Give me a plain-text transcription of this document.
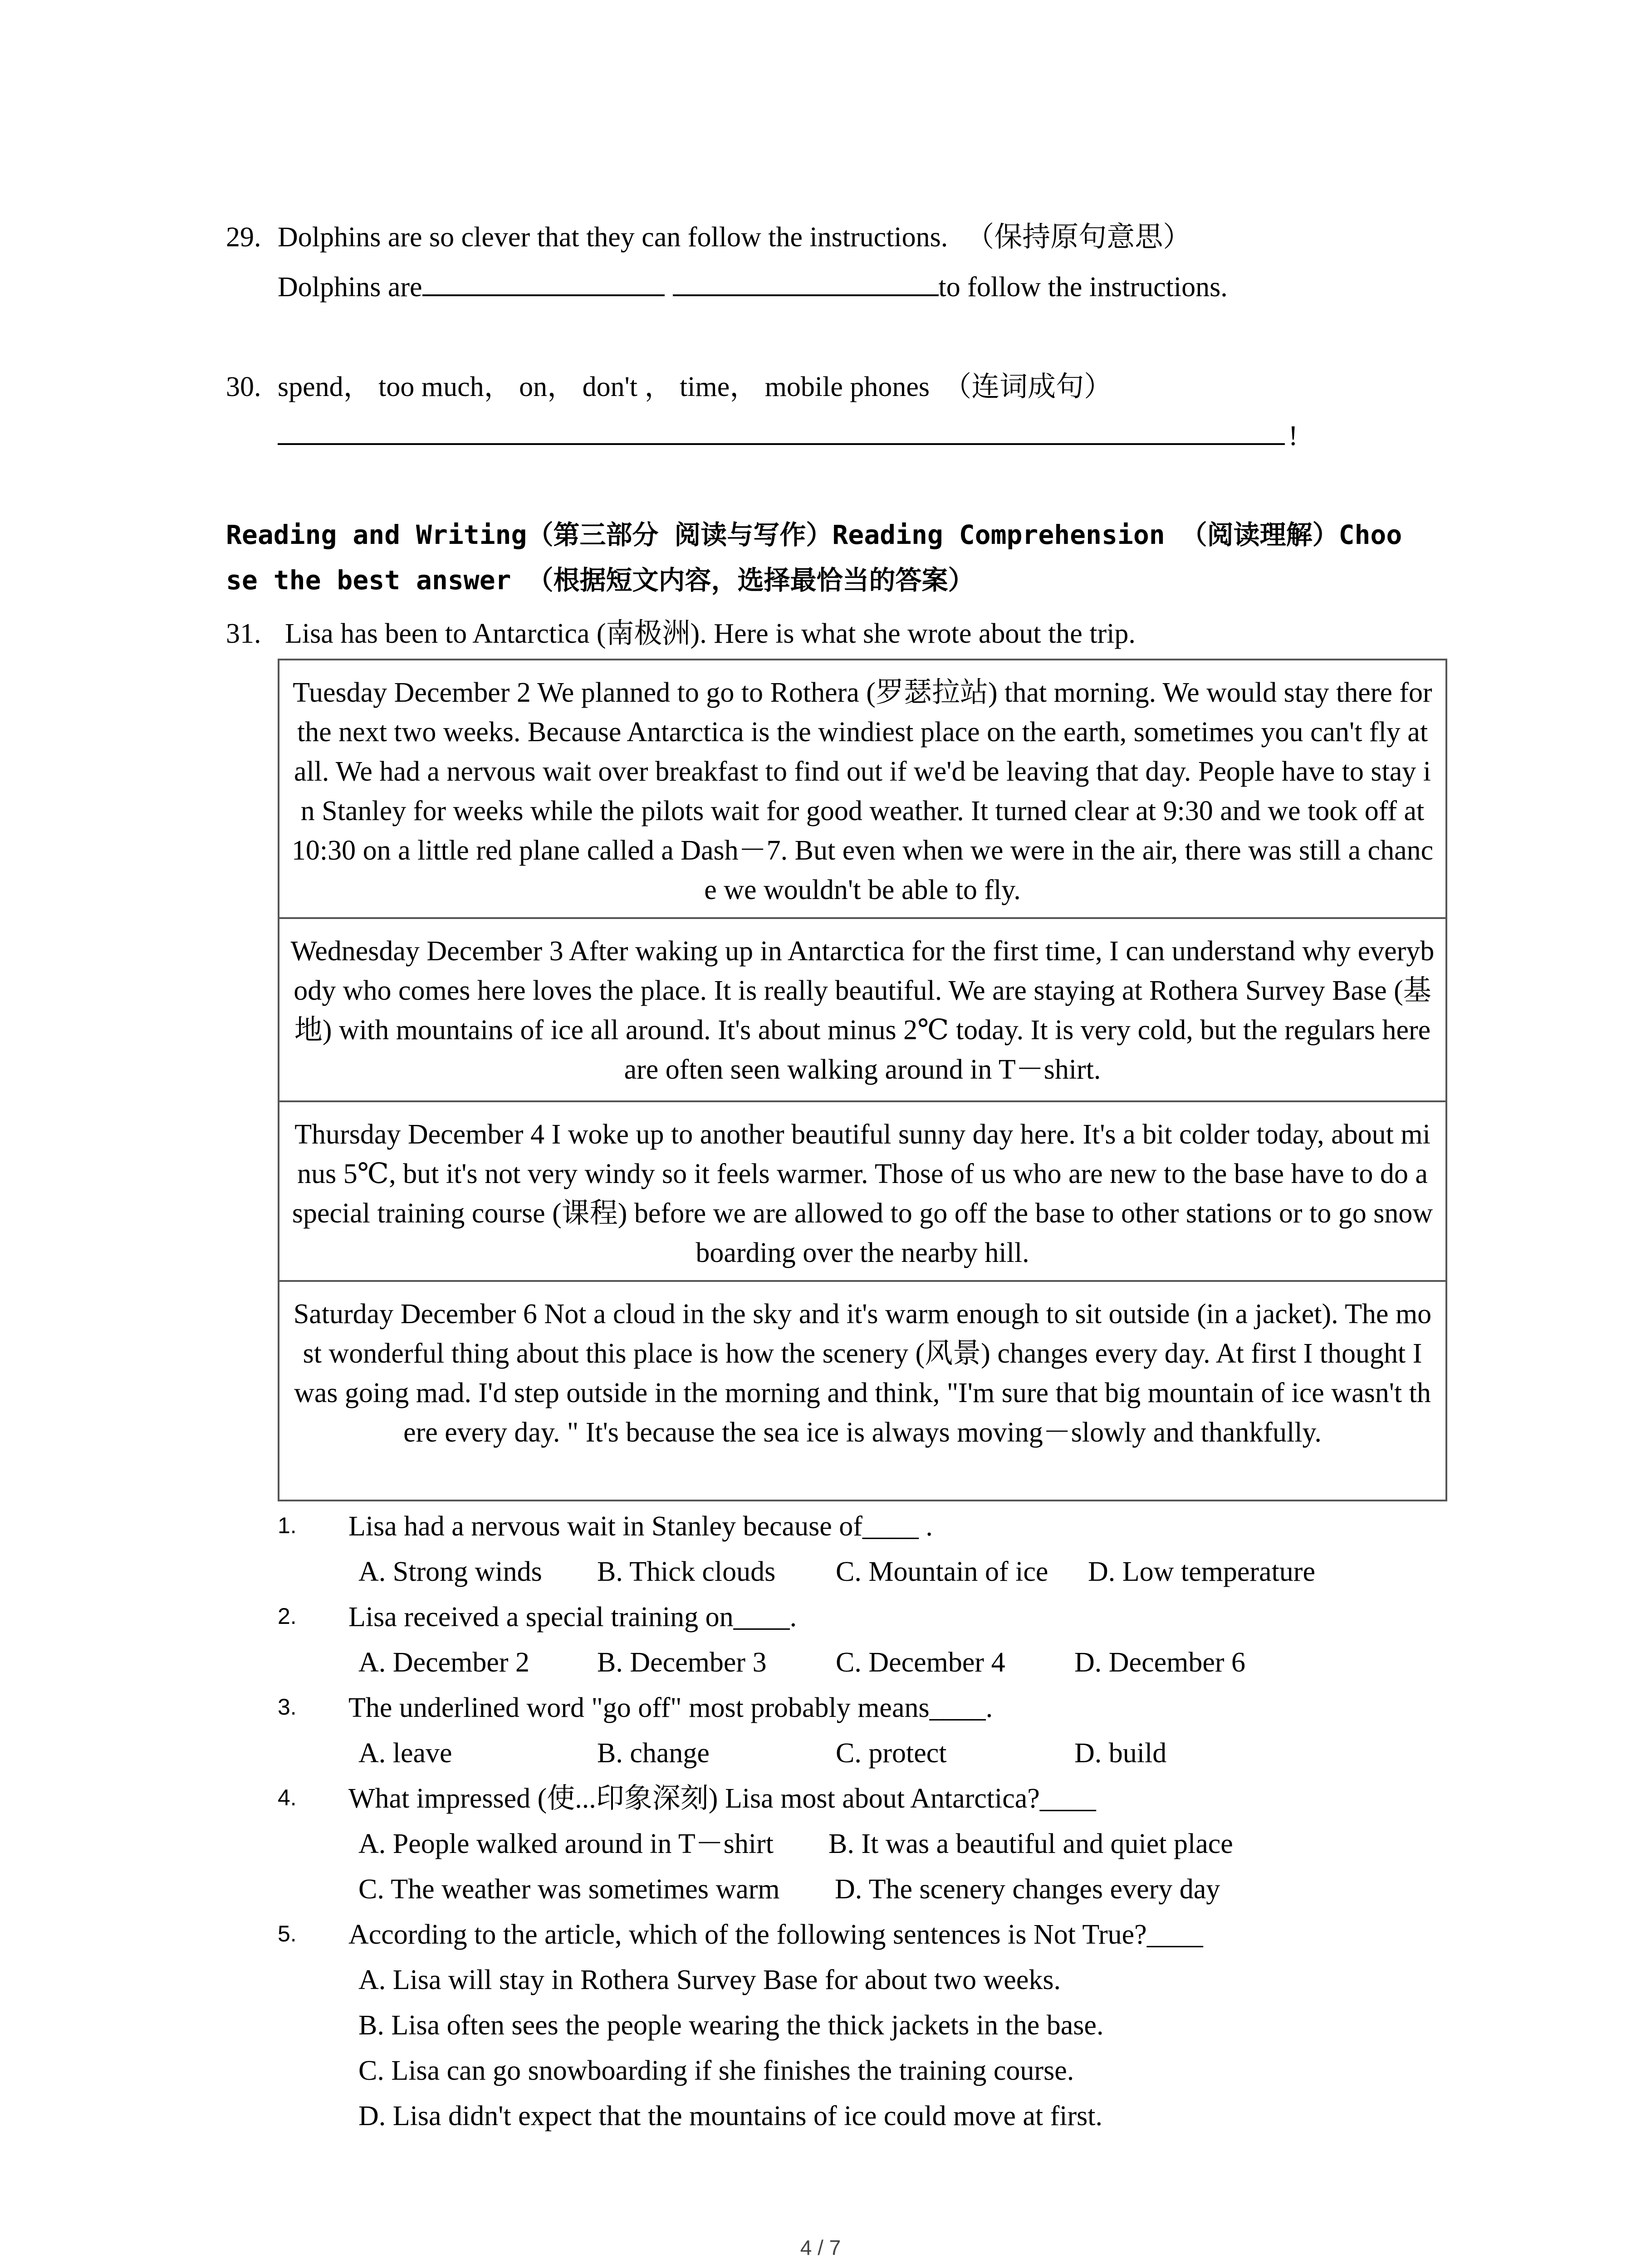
29. Dolphins are so clever that they can follow the instructions. （保持原句意思）
Dolphins are	to follow the instructions.
30. spend， too much， on， don't ， time， mobile phones （连词成句）
!
Reading and Writing（第三部分 阅读与写作）Reading Comprehension （阅读理解）Choo
se the best answer （根据短文内容，选择最恰当的答案）
31. Lisa has been to Antarctica (南极洲). Here is what she wrote about the trip.
Tuesday December 2 We planned to go to Rothera (罗瑟拉站) that morning. We would stay there for the next two weeks. Because Antarctica is the windiest place on the earth, sometimes you can't fly at all. We had a nervous wait over breakfast to find out if we'd be leaving that day. People have to stay in Stanley for weeks while the pilots wait for good weather. It turned clear at 9:30 and we took off at 10:30 on a little red plane called a Dash－7. But even when we were in the air, there was still a chance we wouldn't be able to fly.
Wednesday December 3 After waking up in Antarctica for the first time, I can understand why everybody who comes here loves the place. It is really beautiful. We are staying at Rothera Survey Base (基地) with mountains of ice all around. It's about minus 2℃ today. It is very cold, but the regulars here are often seen walking around in T－shirt.
Thursday December 4 I woke up to another beautiful sunny day here. It's a bit colder today, about minus 5℃, but it's not very windy so it feels warmer. Those of us who are new to the base have to do a special training course (课程) before we are allowed to go off the base to other stations or to go snowboarding over the nearby hill.
Saturday December 6 Not a cloud in the sky and it's warm enough to sit outside (in a jacket). The most wonderful thing about this place is how the scenery (风景) changes every day. At first I thought I was going mad. I'd step outside in the morning and think, "I'm sure that big mountain of ice wasn't there every day. " It's because the sea ice is always moving－slowly and thankfully.
1. Lisa had a nervous wait in Stanley because of____ .
A. Strong winds B. Thick clouds C. Mountain of ice D. Low temperature
2. Lisa received a special training on____.
A. December 2 B. December 3 C. December 4 D. December 6
3. The underlined word "go off" most probably means____.
A. leave	B. change	C. protect	D. build
4. What impressed (使...印象深刻) Lisa most about Antarctica?____
A. People walked around in T－shirt B. It was a beautiful and quiet place
C. The weather was sometimes warm D. The scenery changes every day
5. According to the article, which of the following sentences is Not True?____
A. Lisa will stay in Rothera Survey Base for about two weeks.
B. Lisa often sees the people wearing the thick jackets in the base.
C. Lisa can go snowboarding if she finishes the training course.
D. Lisa didn't expect that the mountains of ice could move at first.
4 / 7
